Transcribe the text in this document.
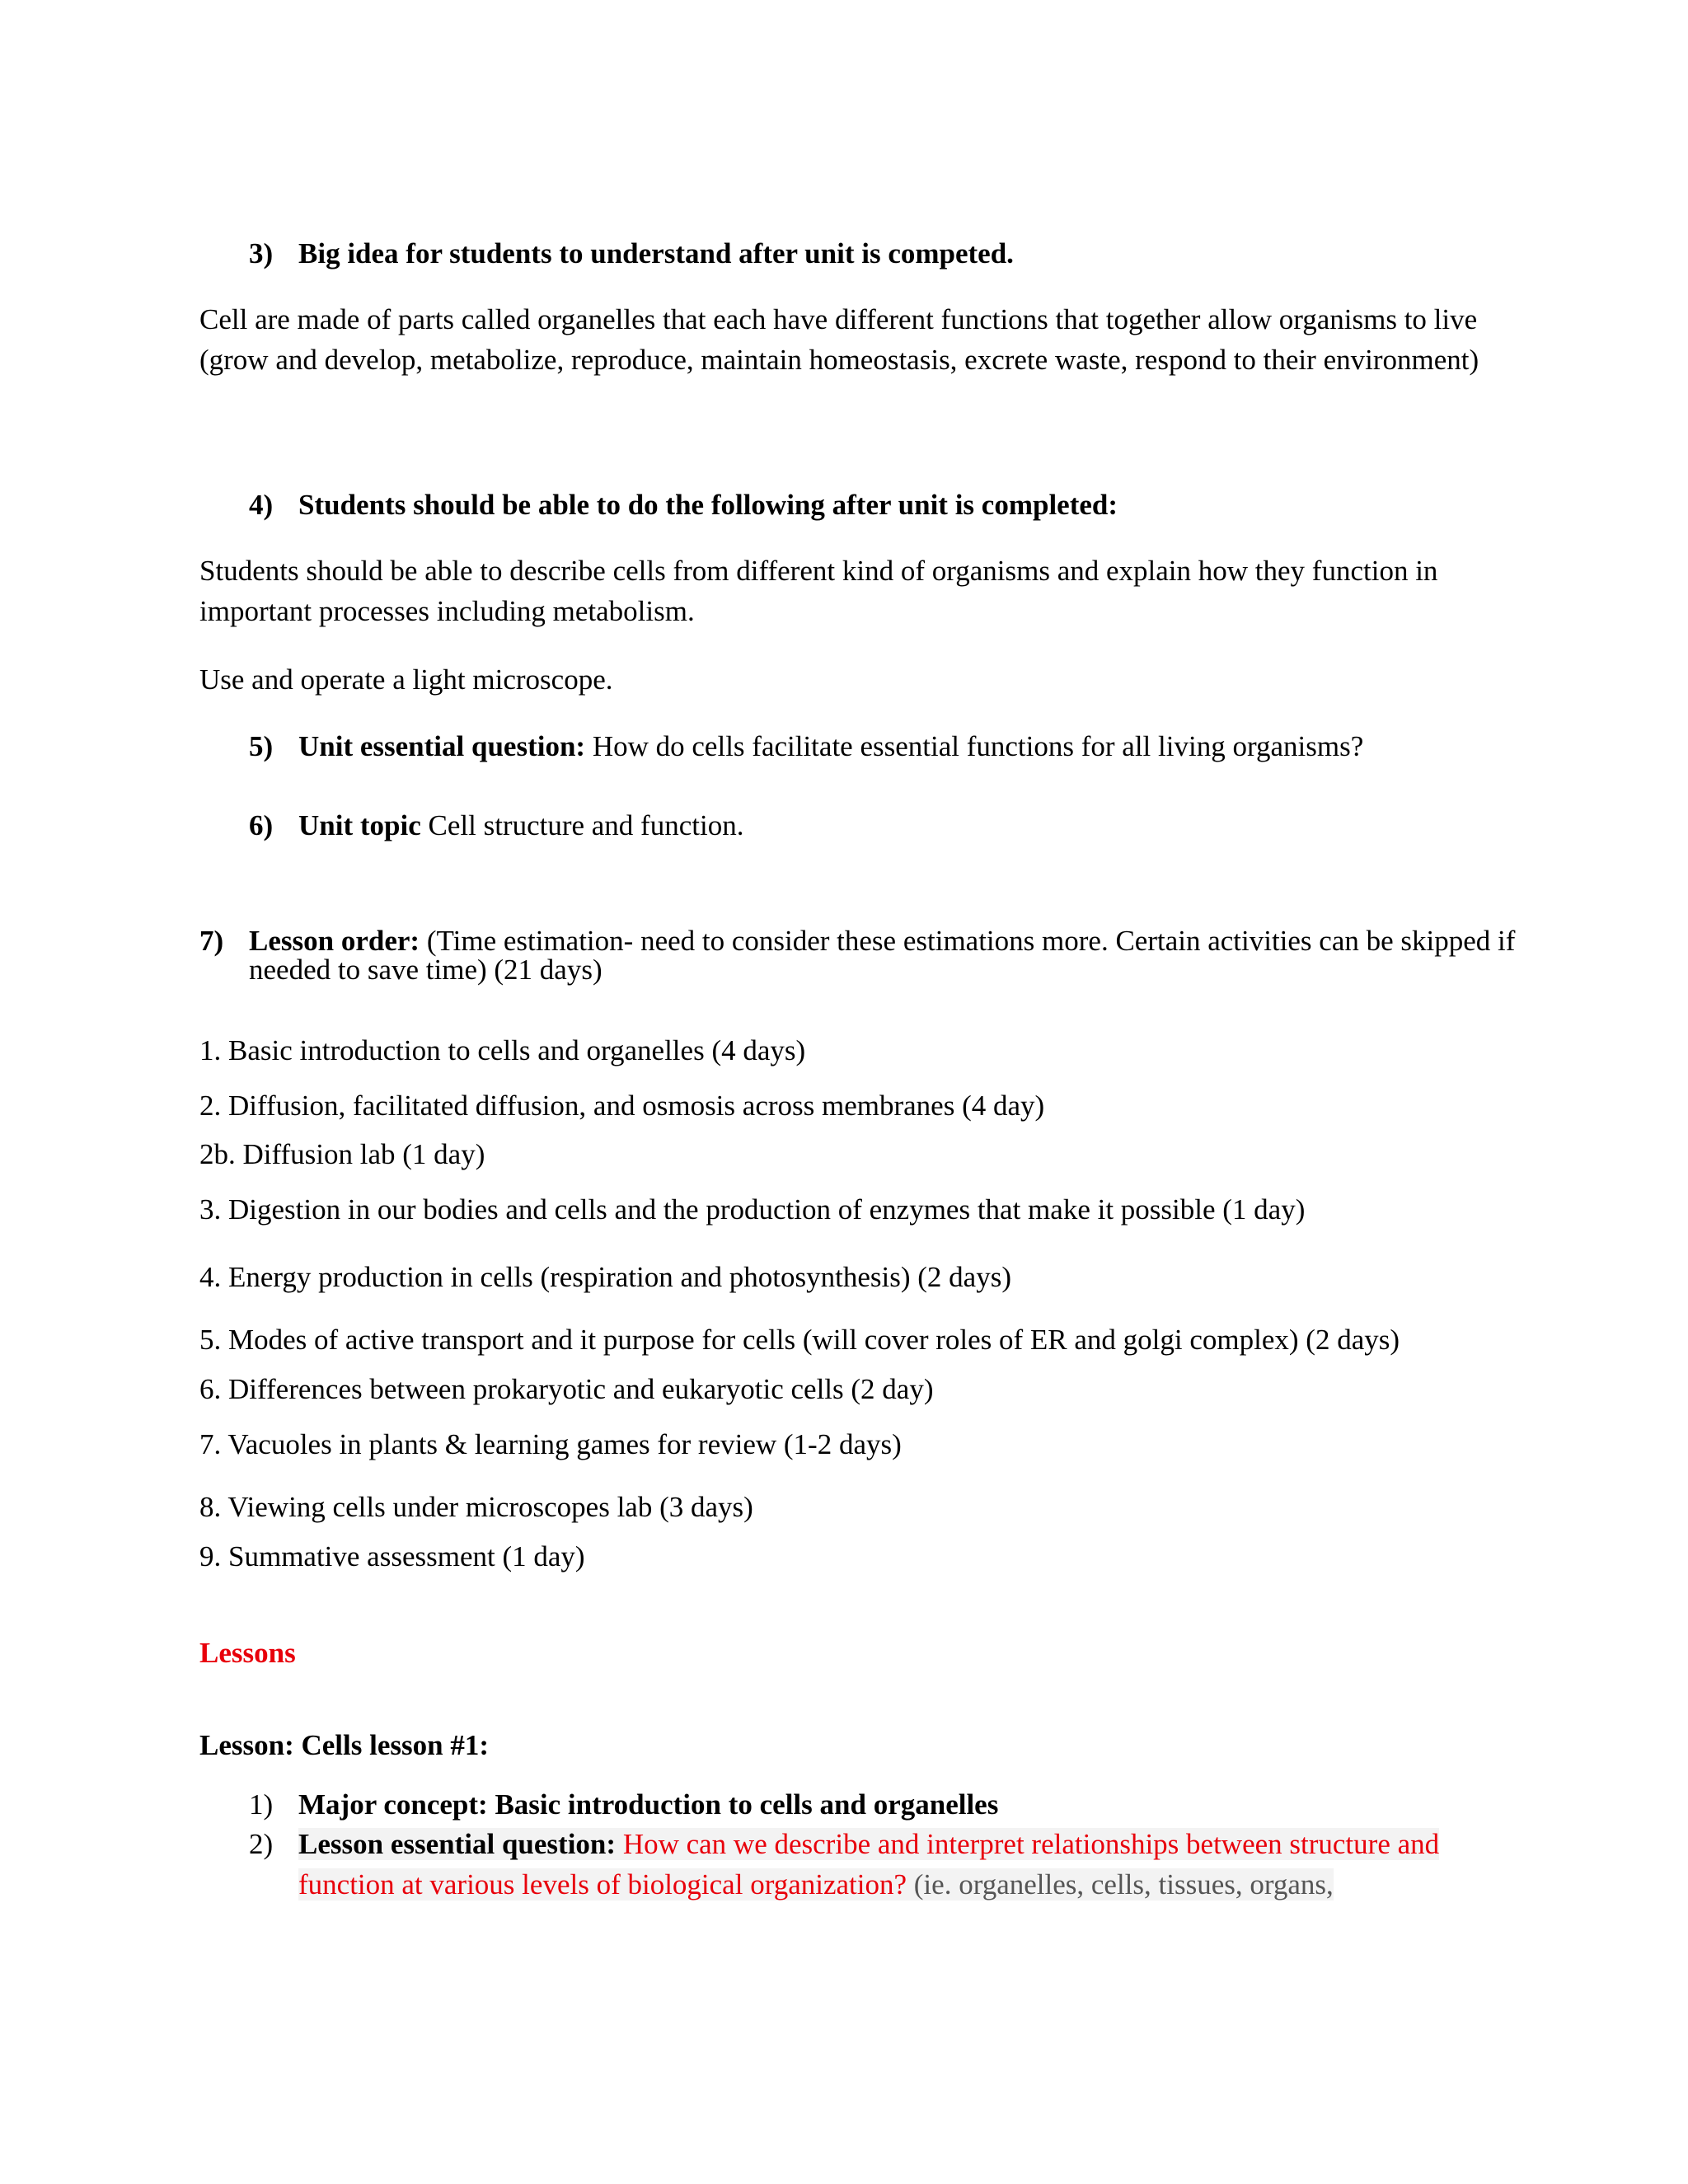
3) Big idea for students to understand after unit is competed.

Cell are made of parts called organelles that each have different functions that together allow organisms to live (grow and develop, metabolize, reproduce, maintain homeostasis, excrete waste, respond to their environment)

4) Students should be able to do the following after unit is completed:

Students should be able to describe cells from different kind of organisms and explain how they function in important processes including metabolism.

Use and operate a light microscope.

5) Unit essential question: How do cells facilitate essential functions for all living organisms?

6) Unit topic Cell structure and function.

7) Lesson order: (Time estimation- need to consider these estimations more. Certain activities can be skipped if needed to save time) (21 days)

1. Basic introduction to cells and organelles (4 days)

2. Diffusion, facilitated diffusion, and osmosis across membranes (4 day)

2b. Diffusion lab (1 day)

3. Digestion in our bodies and cells and the production of enzymes that make it possible (1 day)

4. Energy production in cells (respiration and photosynthesis) (2 days)

5. Modes of active transport and it purpose for cells (will cover roles of ER and golgi complex) (2 days)

6. Differences between prokaryotic and eukaryotic cells (2 day)

7. Vacuoles in plants & learning games for review (1-2 days)

8. Viewing cells under microscopes lab (3 days)

9. Summative assessment (1 day)

Lessons

Lesson: Cells lesson #1:

1) Major concept: Basic introduction to cells and organelles

2) Lesson essential question: How can we describe and interpret relationships between structure and function at various levels of biological organization? (ie. organelles, cells, tissues, organs,
